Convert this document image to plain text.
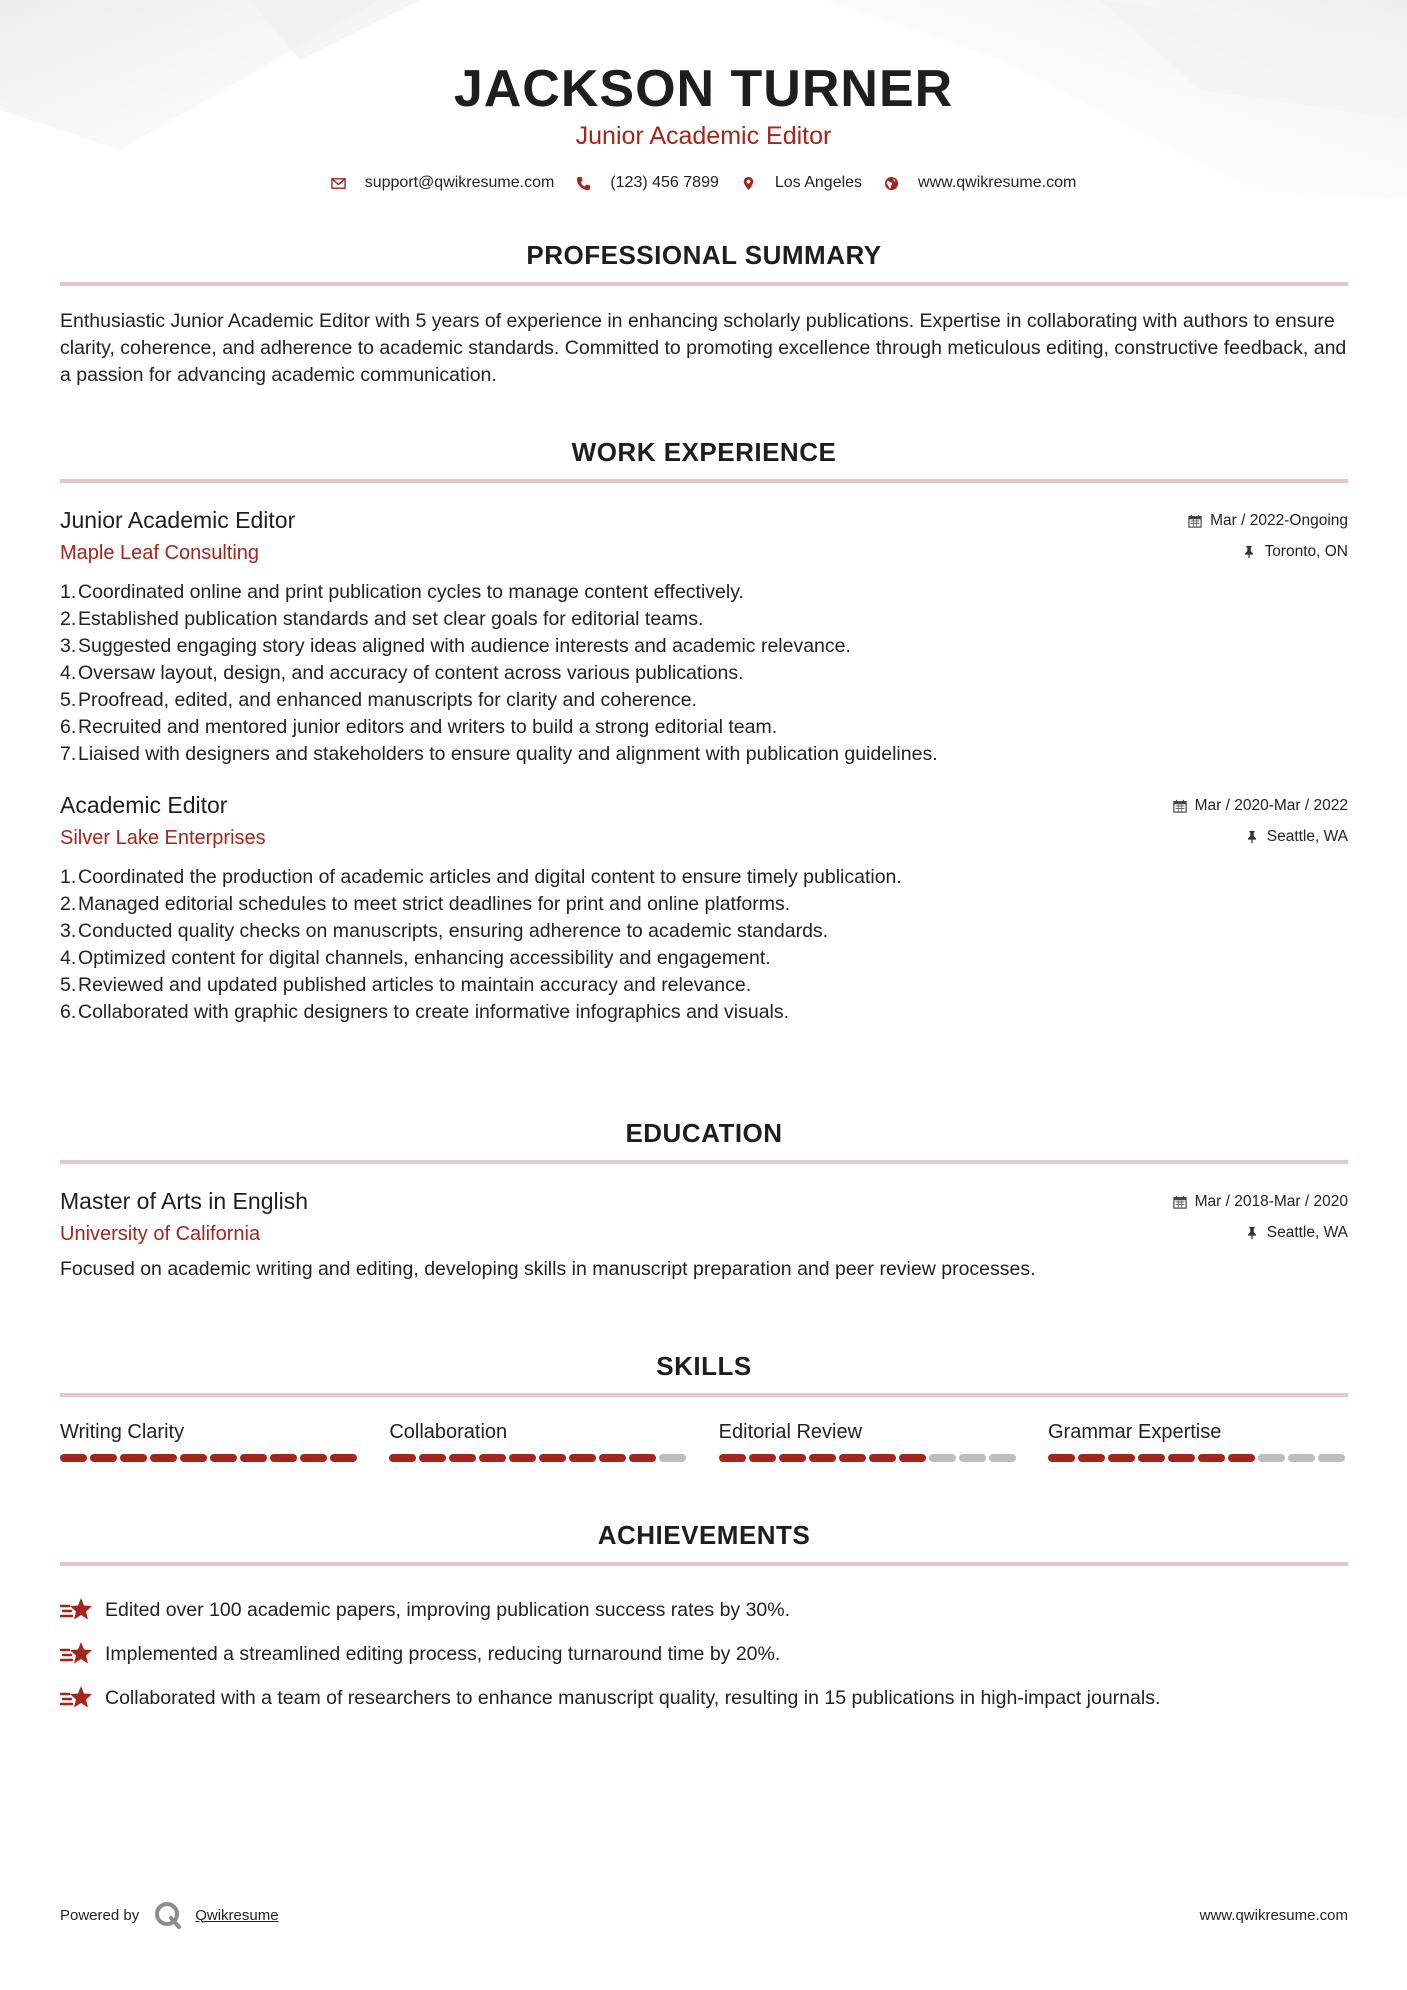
JACKSON TURNER
Junior Academic Editor
support@qwikresume.com	(123) 456 7899	Los Angeles	www.qwikresume.com
PROFESSIONAL SUMMARY
Enthusiastic Junior Academic Editor with 5 years of experience in enhancing scholarly publications. Expertise in collaborating with authors to ensure clarity, coherence, and adherence to academic standards. Committed to promoting excellence through meticulous editing, constructive feedback, and a passion for advancing academic communication.
WORK EXPERIENCE
Junior Academic Editor	Mar / 2022-Ongoing
Maple Leaf Consulting	Toronto, ON
1.Coordinated online and print publication cycles to manage content effectively.
2.Established publication standards and set clear goals for editorial teams.
3.Suggested engaging story ideas aligned with audience interests and academic relevance.
4.Oversaw layout, design, and accuracy of content across various publications.
5.Proofread, edited, and enhanced manuscripts for clarity and coherence.
6.Recruited and mentored junior editors and writers to build a strong editorial team.
7.Liaised with designers and stakeholders to ensure quality and alignment with publication guidelines.
Academic Editor	Mar / 2020-Mar / 2022
Silver Lake Enterprises	Seattle, WA
1.Coordinated the production of academic articles and digital content to ensure timely publication.
2.Managed editorial schedules to meet strict deadlines for print and online platforms.
3.Conducted quality checks on manuscripts, ensuring adherence to academic standards.
4.Optimized content for digital channels, enhancing accessibility and engagement.
5.Reviewed and updated published articles to maintain accuracy and relevance.
6.Collaborated with graphic designers to create informative infographics and visuals.
EDUCATION
Master of Arts in English	Mar / 2018-Mar / 2020
University of California	Seattle, WA
Focused on academic writing and editing, developing skills in manuscript preparation and peer review processes.
SKILLS
Writing Clarity	Collaboration	Editorial Review	Grammar Expertise
ACHIEVEMENTS
Edited over 100 academic papers, improving publication success rates by 30%.
Implemented a streamlined editing process, reducing turnaround time by 20%.
Collaborated with a team of researchers to enhance manuscript quality, resulting in 15 publications in high-impact journals.
Powered by	Qwikresume	www.qwikresume.com
